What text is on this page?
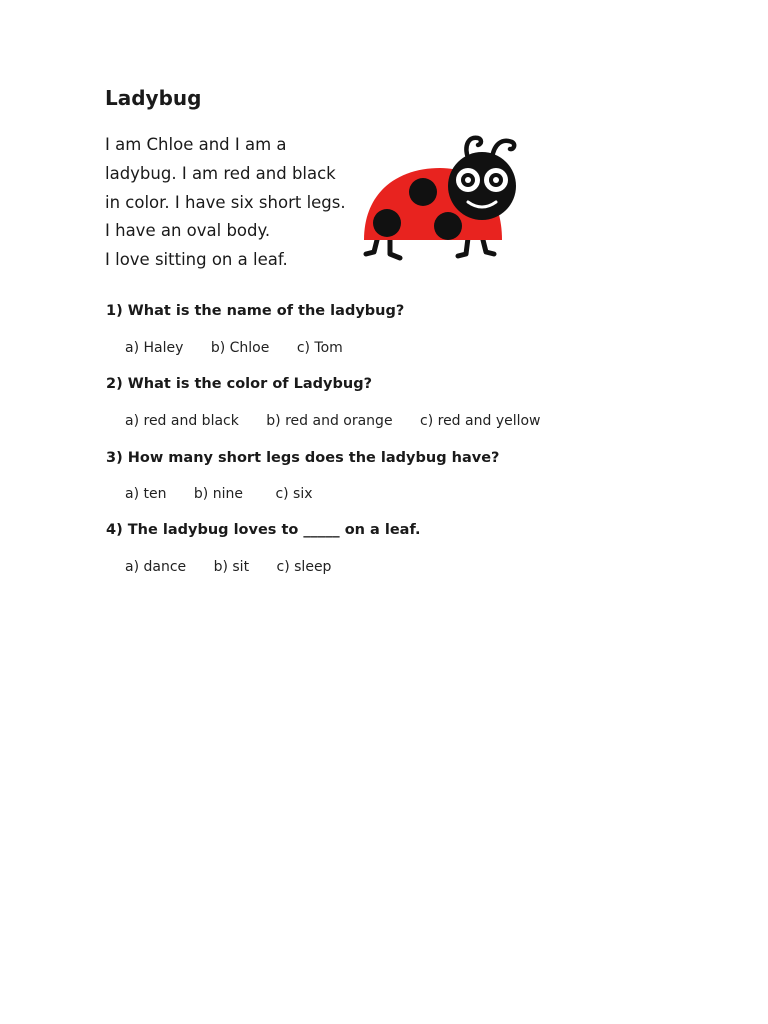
Ladybug
I am Chloe and I am a
ladybug. I am red and black
in color. I have six short legs.
I have an oval body.
I love sitting on a leaf.
1) What is the name of the ladybug?
a) Haley b) Chloe c) Tom
2) What is the color of Ladybug?
a) red and black b) red and orange c) red and yellow
3) How many short legs does the ladybug have?
a) ten b) nine c) six
4) The ladybug loves to _____ on a leaf.
a) dance b) sit c) sleep
